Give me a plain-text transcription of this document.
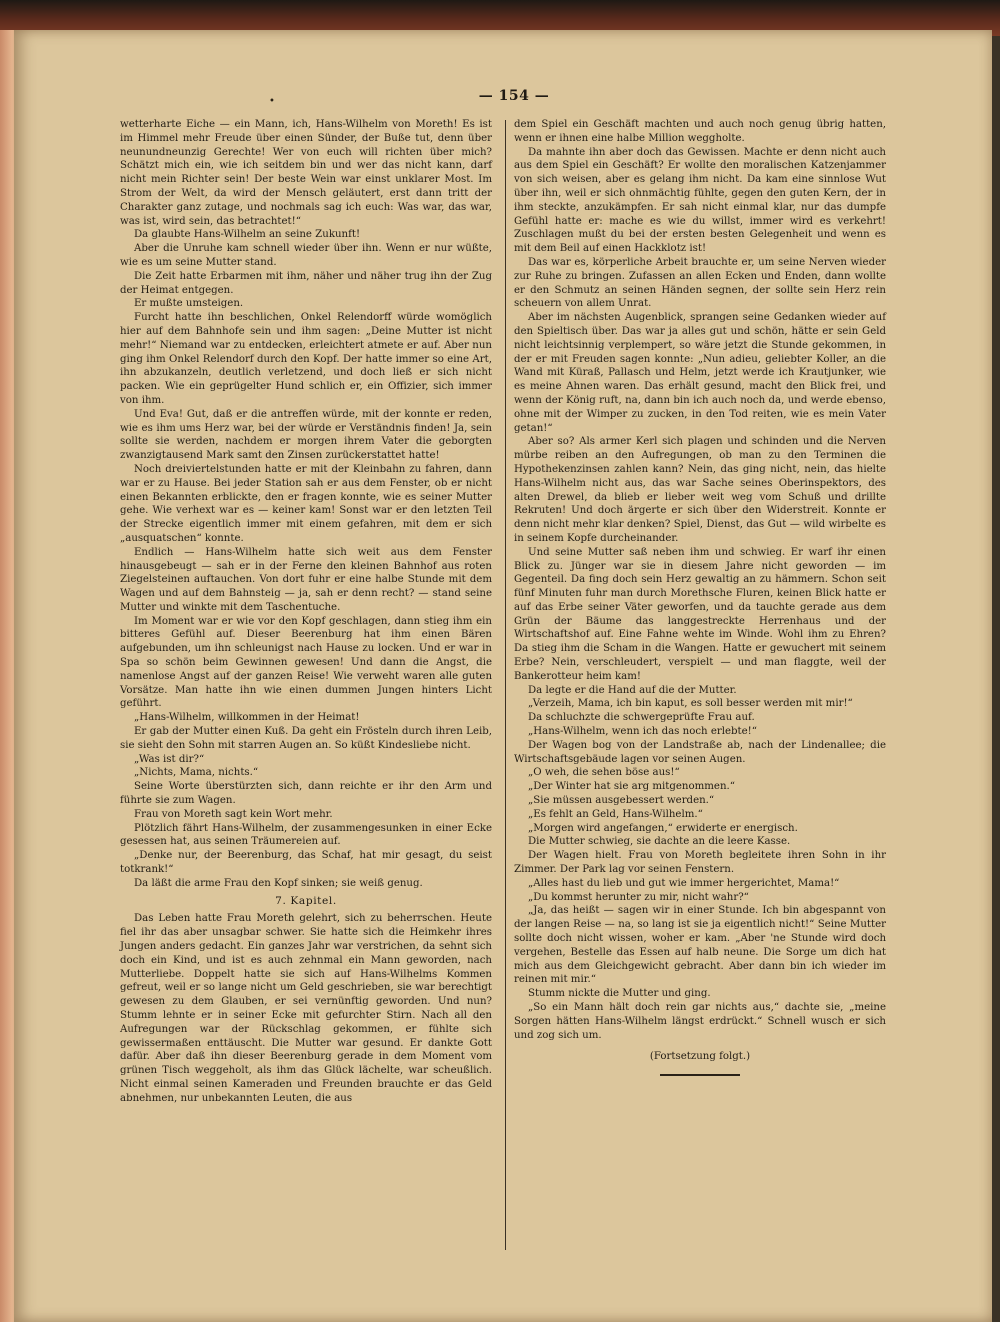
•	— 154 —

wetterharte Eiche — ein Mann, ich, Hans-Wilhelm von Moreth! Es ist im Himmel mehr Freude über einen Sünder, der Buße tut, denn über neunundneunzig Gerechte! Wer von euch will richten über mich? Schätzt mich ein, wie ich seitdem bin und wer das nicht kann, darf nicht mein Richter sein! Der beste Wein war einst unklarer Most. Im Strom der Welt, da wird der Mensch geläutert, erst dann tritt der Charakter ganz zutage, und nochmals sag ich euch: Was war, das war, was ist, wird sein, das betrachtet!“

Da glaubte Hans-Wilhelm an seine Zukunft!

Aber die Unruhe kam schnell wieder über ihn. Wenn er nur wüßte, wie es um seine Mutter stand.

Die Zeit hatte Erbarmen mit ihm, näher und näher trug ihn der Zug der Heimat entgegen.

Er mußte umsteigen.

Furcht hatte ihn beschlichen, Onkel Relendorff würde womöglich hier auf dem Bahnhofe sein und ihm sagen: „Deine Mutter ist nicht mehr!“ Niemand war zu entdecken, erleichtert atmete er auf. Aber nun ging ihm Onkel Relendorf durch den Kopf. Der hatte immer so eine Art, ihn abzukanzeln, deutlich verletzend, und doch ließ er sich nicht packen. Wie ein geprügelter Hund schlich er, ein Offizier, sich immer von ihm.

Und Eva! Gut, daß er die antreffen würde, mit der konnte er reden, wie es ihm ums Herz war, bei der würde er Verständnis finden! Ja, sein sollte sie werden, nachdem er morgen ihrem Vater die geborgten zwanzigtausend Mark samt den Zinsen zurückerstattet hatte!

Noch dreiviertelstunden hatte er mit der Kleinbahn zu fahren, dann war er zu Hause. Bei jeder Station sah er aus dem Fenster, ob er nicht einen Bekannten erblickte, den er fragen konnte, wie es seiner Mutter gehe. Wie verhext war es — keiner kam! Sonst war er den letzten Teil der Strecke eigentlich immer mit einem gefahren, mit dem er sich „ausquatschen“ konnte.

Endlich — Hans-Wilhelm hatte sich weit aus dem Fenster hinausgebeugt — sah er in der Ferne den kleinen Bahnhof aus roten Ziegelsteinen auftauchen. Von dort fuhr er eine halbe Stunde mit dem Wagen und auf dem Bahnsteig — ja, sah er denn recht? — stand seine Mutter und winkte mit dem Taschentuche.

Im Moment war er wie vor den Kopf geschlagen, dann stieg ihm ein bitteres Gefühl auf. Dieser Beerenburg hat ihm einen Bären aufgebunden, um ihn schleunigst nach Hause zu locken. Und er war in Spa so schön beim Gewinnen gewesen! Und dann die Angst, die namenlose Angst auf der ganzen Reise! Wie verweht waren alle guten Vorsätze. Man hatte ihn wie einen dummen Jungen hinters Licht geführt.

„Hans-Wilhelm, willkommen in der Heimat!

Er gab der Mutter einen Kuß. Da geht ein Frösteln durch ihren Leib, sie sieht den Sohn mit starren Augen an. So küßt Kindesliebe nicht.

„Was ist dir?“

„Nichts, Mama, nichts.“

Seine Worte überstürzten sich, dann reichte er ihr den Arm und führte sie zum Wagen.

Frau von Moreth sagt kein Wort mehr.

Plötzlich fährt Hans-Wilhelm, der zusammengesunken in einer Ecke gesessen hat, aus seinen Träumereien auf.

„Denke nur, der Beerenburg, das Schaf, hat mir gesagt, du seist totkrank!“

Da läßt die arme Frau den Kopf sinken; sie weiß genug.

7. Kapitel.

Das Leben hatte Frau Moreth gelehrt, sich zu beherrschen. Heute fiel ihr das aber unsagbar schwer. Sie hatte sich die Heimkehr ihres Jungen anders gedacht. Ein ganzes Jahr war verstrichen, da sehnt sich doch ein Kind, und ist es auch zehnmal ein Mann geworden, nach Mutterliebe. Doppelt hatte sie sich auf Hans-Wilhelms Kommen gefreut, weil er so lange nicht um Geld geschrieben, sie war berechtigt gewesen zu dem Glauben, er sei vernünftig geworden. Und nun? Stumm lehnte er in seiner Ecke mit gefurchter Stirn. Nach all den Aufregungen war der Rückschlag gekommen, er fühlte sich gewissermaßen enttäuscht. Die Mutter war gesund. Er dankte Gott dafür. Aber daß ihn dieser Beerenburg gerade in dem Moment vom grünen Tisch weggeholt, als ihm das Glück lächelte, war scheußlich. Nicht einmal seinen Kameraden und Freunden brauchte er das Geld abnehmen, nur unbekannten Leuten, die aus

dem Spiel ein Geschäft machten und auch noch genug übrig hatten, wenn er ihnen eine halbe Million weggholte.

Da mahnte ihn aber doch das Gewissen. Machte er denn nicht auch aus dem Spiel ein Geschäft? Er wollte den moralischen Katzenjammer von sich weisen, aber es gelang ihm nicht. Da kam eine sinnlose Wut über ihn, weil er sich ohnmächtig fühlte, gegen den guten Kern, der in ihm steckte, anzukämpfen. Er sah nicht einmal klar, nur das dumpfe Gefühl hatte er: mache es wie du willst, immer wird es verkehrt! Zuschlagen mußt du bei der ersten besten Gelegenheit und wenn es mit dem Beil auf einen Hackklotz ist!

Das war es, körperliche Arbeit brauchte er, um seine Nerven wieder zur Ruhe zu bringen. Zufassen an allen Ecken und Enden, dann wollte er den Schmutz an seinen Händen segnen, der sollte sein Herz rein scheuern von allem Unrat.

Aber im nächsten Augenblick, sprangen seine Gedanken wieder auf den Spieltisch über. Das war ja alles gut und schön, hätte er sein Geld nicht leichtsinnig verplempert, so wäre jetzt die Stunde gekommen, in der er mit Freuden sagen konnte: „Nun adieu, geliebter Koller, an die Wand mit Küraß, Pallasch und Helm, jetzt werde ich Krautjunker, wie es meine Ahnen waren. Das erhält gesund, macht den Blick frei, und wenn der König ruft, na, dann bin ich auch noch da, und werde ebenso, ohne mit der Wimper zu zucken, in den Tod reiten, wie es mein Vater getan!“

Aber so? Als armer Kerl sich plagen und schinden und die Nerven mürbe reiben an den Aufregungen, ob man zu den Terminen die Hypothekenzinsen zahlen kann? Nein, das ging nicht, nein, das hielte Hans-Wilhelm nicht aus, das war Sache seines Oberinspektors, des alten Drewel, da blieb er lieber weit weg vom Schuß und drillte Rekruten! Und doch ärgerte er sich über den Widerstreit. Konnte er denn nicht mehr klar denken? Spiel, Dienst, das Gut — wild wirbelte es in seinem Kopfe durcheinander.

Und seine Mutter saß neben ihm und schwieg. Er warf ihr einen Blick zu. Jünger war sie in diesem Jahre nicht geworden — im Gegenteil. Da fing doch sein Herz gewaltig an zu hämmern. Schon seit fünf Minuten fuhr man durch Morethsche Fluren, keinen Blick hatte er auf das Erbe seiner Väter geworfen, und da tauchte gerade aus dem Grün der Bäume das langgestreckte Herrenhaus und der Wirtschaftshof auf. Eine Fahne wehte im Winde. Wohl ihm zu Ehren? Da stieg ihm die Scham in die Wangen. Hatte er gewuchert mit seinem Erbe? Nein, verschleudert, verspielt — und man flaggte, weil der Bankerotteur heim kam!

Da legte er die Hand auf die der Mutter.

„Verzeih, Mama, ich bin kaput, es soll besser werden mit mir!“

Da schluchzte die schwergeprüfte Frau auf.

„Hans-Wilhelm, wenn ich das noch erlebte!“

Der Wagen bog von der Landstraße ab, nach der Lindenallee; die Wirtschaftsgebäude lagen vor seinen Augen.

„O weh, die sehen böse aus!“

„Der Winter hat sie arg mitgenommen.“

„Sie müssen ausgebessert werden.“

„Es fehlt an Geld, Hans-Wilhelm.“

„Morgen wird angefangen,“ erwiderte er energisch.

Die Mutter schwieg, sie dachte an die leere Kasse.

Der Wagen hielt. Frau von Moreth begleitete ihren Sohn in ihr Zimmer. Der Park lag vor seinen Fenstern.

„Alles hast du lieb und gut wie immer hergerichtet, Mama!“

„Du kommst herunter zu mir, nicht wahr?“

„Ja, das heißt — sagen wir in einer Stunde. Ich bin abgespannt von der langen Reise — na, so lang ist sie ja eigentlich nicht!“ Seine Mutter sollte doch nicht wissen, woher er kam. „Aber 'ne Stunde wird doch vergehen, Bestelle das Essen auf halb neune. Die Sorge um dich hat mich aus dem Gleichgewicht gebracht. Aber dann bin ich wieder im reinen mit mir.“

Stumm nickte die Mutter und ging.

„So ein Mann hält doch rein gar nichts aus,“ dachte sie, „meine Sorgen hätten Hans-Wilhelm längst erdrückt.“ Schnell wusch er sich und zog sich um.

(Fortsetzung folgt.)
